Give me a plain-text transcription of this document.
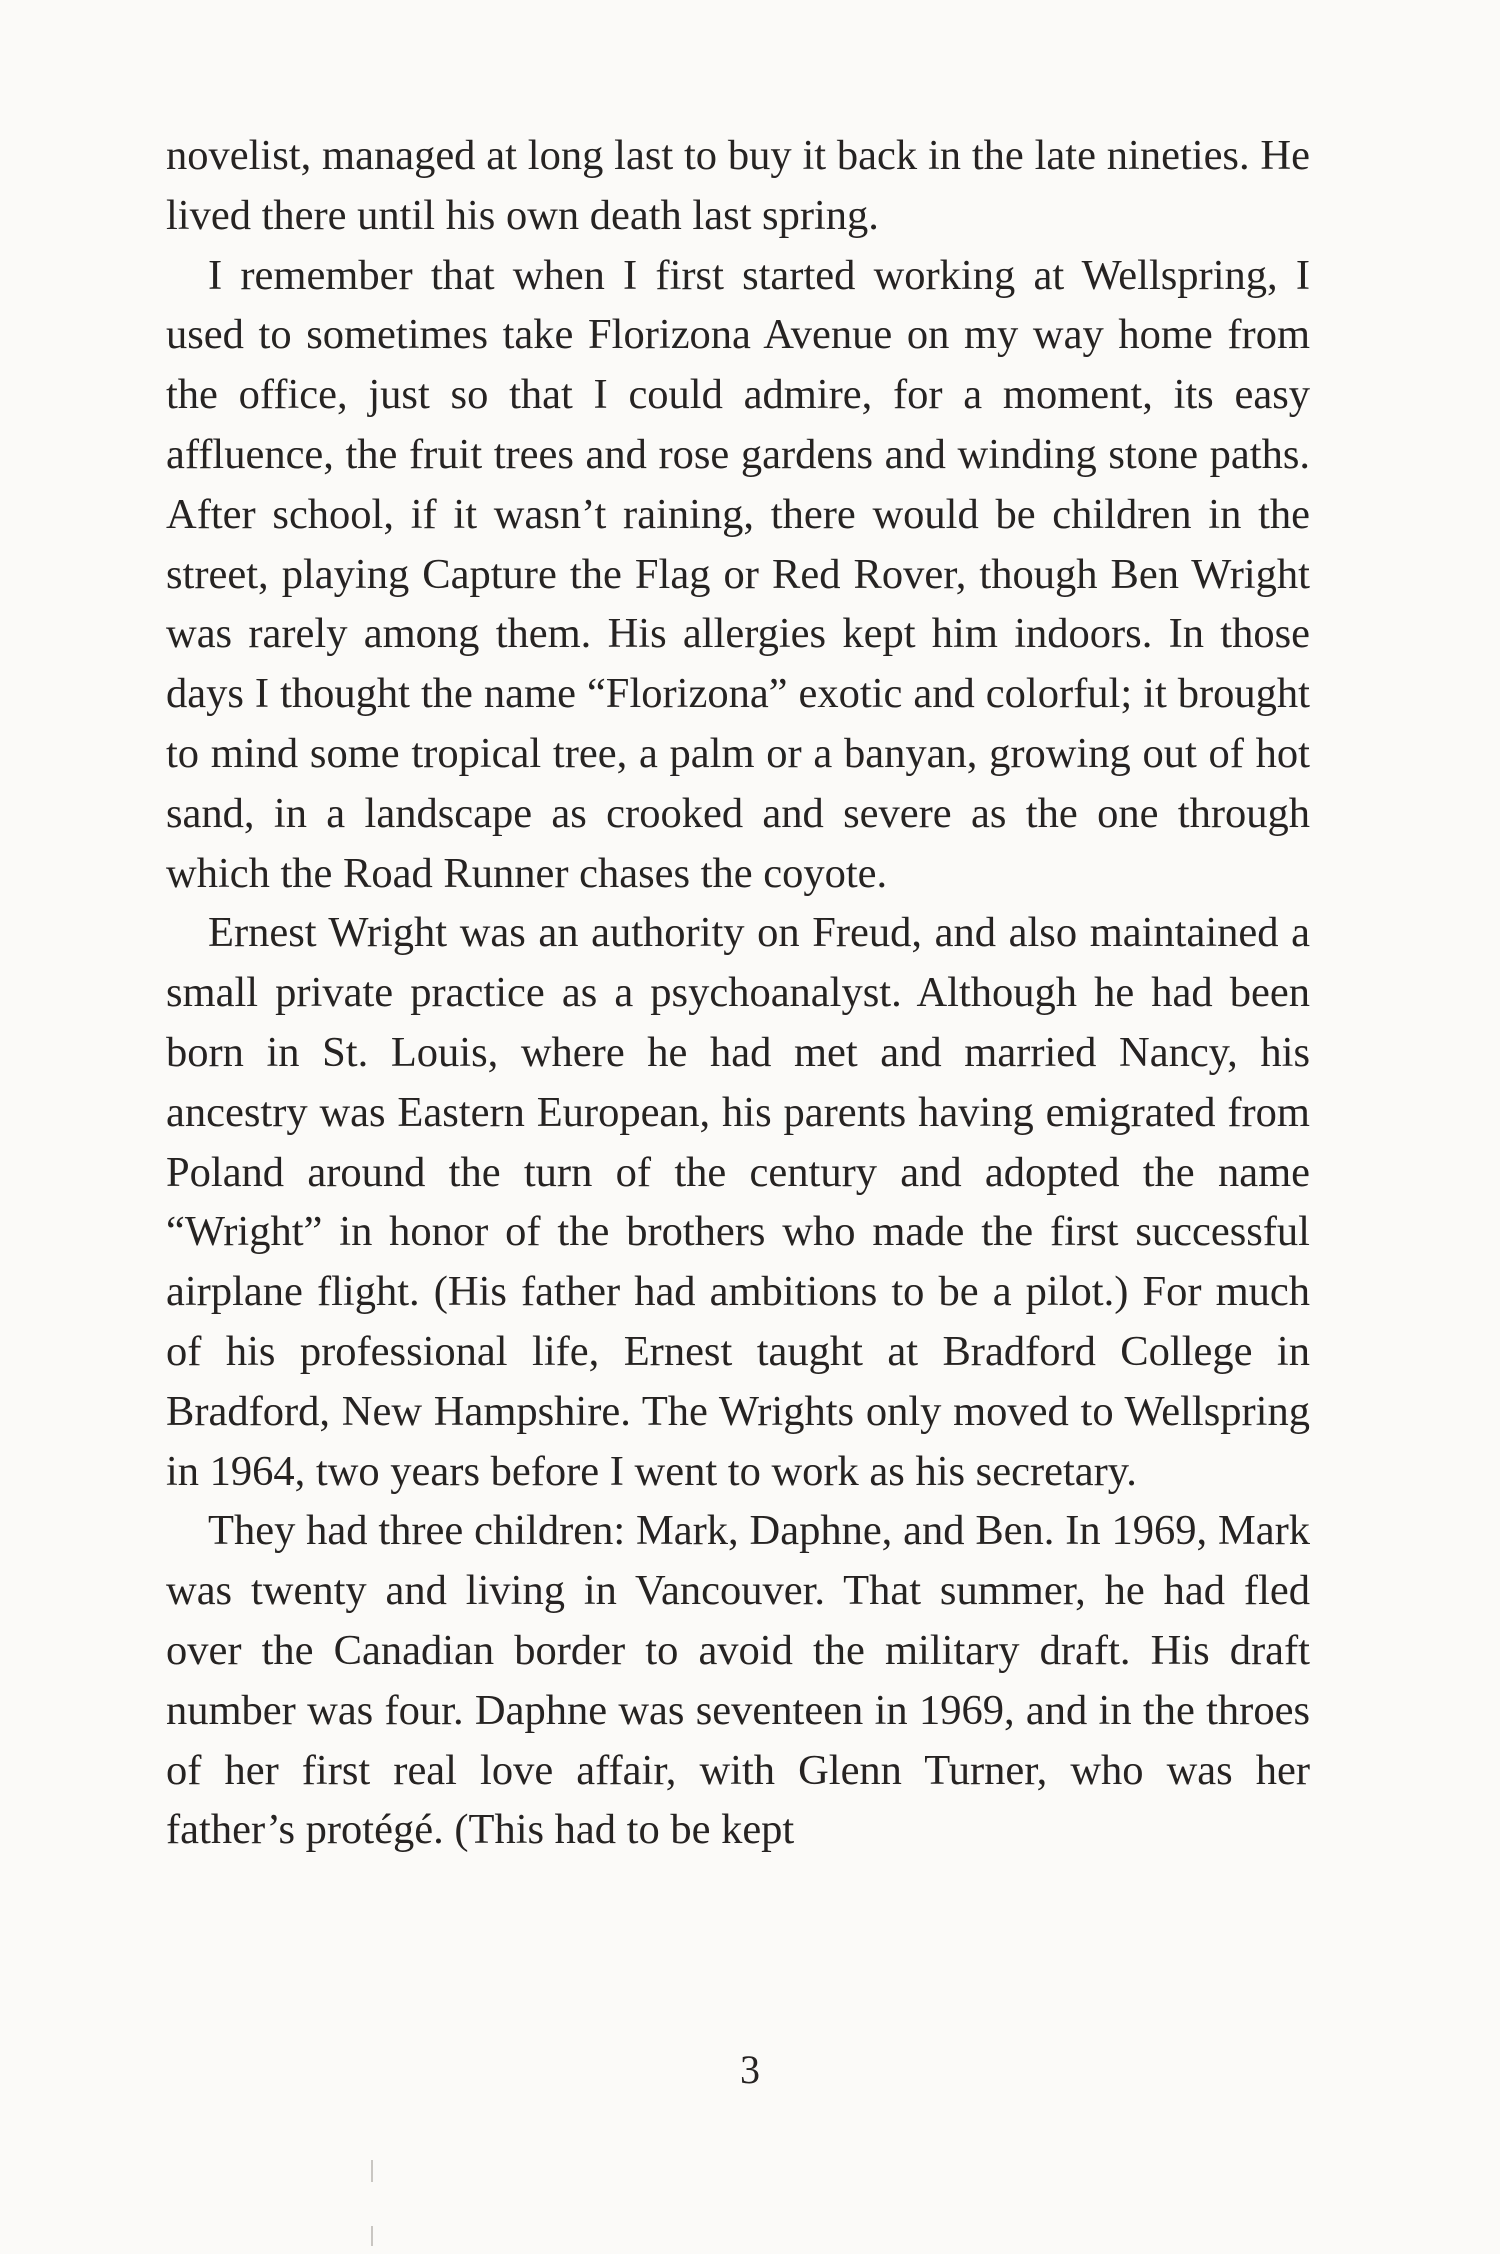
novelist, managed at long last to buy it back in the late nineties. He lived there until his own death last spring.

I remember that when I first started working at Wellspring, I used to sometimes take Florizona Avenue on my way home from the office, just so that I could admire, for a moment, its easy affluence, the fruit trees and rose gardens and winding stone paths. After school, if it wasn’t raining, there would be children in the street, playing Capture the Flag or Red Rover, though Ben Wright was rarely among them. His allergies kept him indoors. In those days I thought the name “Florizona” exotic and colorful; it brought to mind some tropical tree, a palm or a banyan, growing out of hot sand, in a landscape as crooked and severe as the one through which the Road Runner chases the coyote.

Ernest Wright was an authority on Freud, and also maintained a small private practice as a psychoanalyst. Although he had been born in St. Louis, where he had met and married Nancy, his ancestry was Eastern European, his parents having emigrated from Poland around the turn of the century and adopted the name “Wright” in honor of the brothers who made the first successful airplane flight. (His father had ambitions to be a pilot.) For much of his professional life, Ernest taught at Bradford College in Bradford, New Hampshire. The Wrights only moved to Wellspring in 1964, two years before I went to work as his secretary.

They had three children: Mark, Daphne, and Ben. In 1969, Mark was twenty and living in Vancouver. That summer, he had fled over the Canadian border to avoid the military draft. His draft number was four. Daphne was seventeen in 1969, and in the throes of her first real love affair, with Glenn Turner, who was her father’s protégé. (This had to be kept

3
